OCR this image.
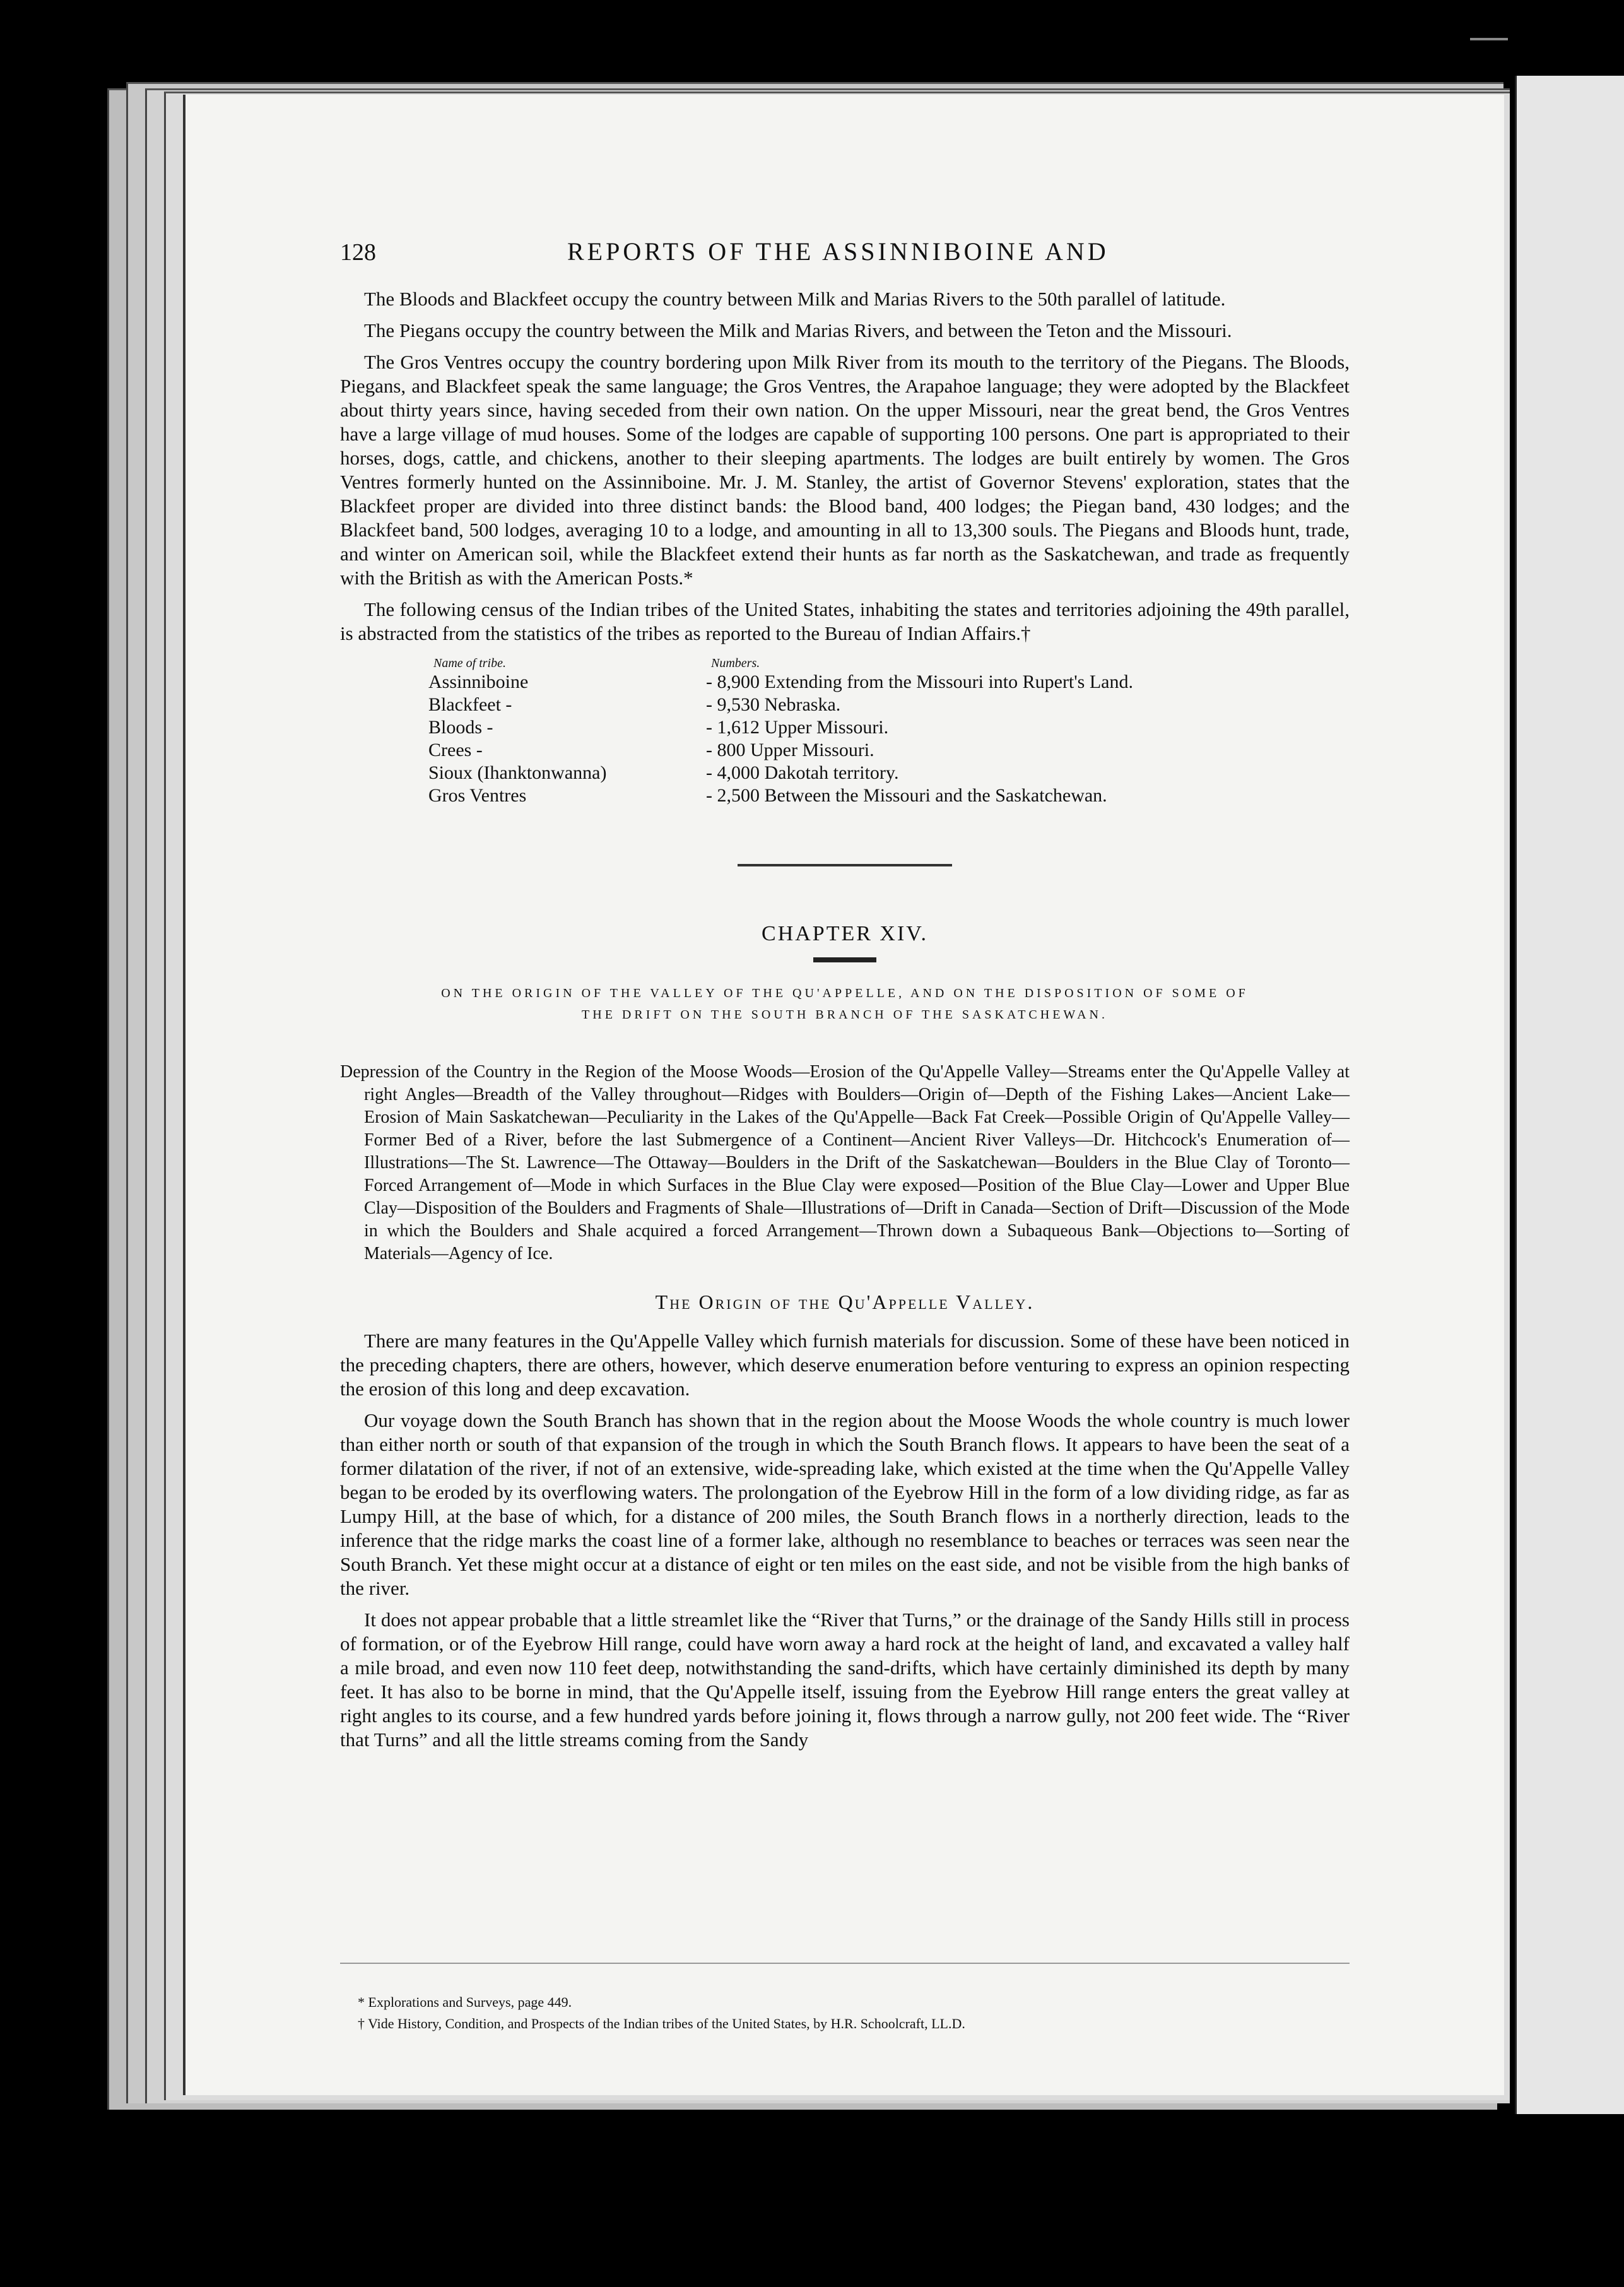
128	REPORTS OF THE ASSINNIBOINE AND

The Bloods and Blackfeet occupy the country between Milk and Marias Rivers to the 50th parallel of latitude.

The Piegans occupy the country between the Milk and Marias Rivers, and between the Teton and the Missouri.

The Gros Ventres occupy the country bordering upon Milk River from its mouth to the territory of the Piegans. The Bloods, Piegans, and Blackfeet speak the same language; the Gros Ventres, the Arapahoe language; they were adopted by the Blackfeet about thirty years since, having seceded from their own nation. On the upper Missouri, near the great bend, the Gros Ventres have a large village of mud houses. Some of the lodges are capable of supporting 100 persons. One part is appropriated to their horses, dogs, cattle, and chickens, another to their sleeping apartments. The lodges are built entirely by women. The Gros Ventres formerly hunted on the Assinniboine. Mr. J. M. Stanley, the artist of Governor Stevens' exploration, states that the Blackfeet proper are divided into three distinct bands: the Blood band, 400 lodges; the Piegan band, 430 lodges; and the Blackfeet band, 500 lodges, averaging 10 to a lodge, and amounting in all to 13,300 souls. The Piegans and Bloods hunt, trade, and winter on American soil, while the Blackfeet extend their hunts as far north as the Saskatchewan, and trade as frequently with the British as with the American Posts.*

The following census of the Indian tribes of the United States, inhabiting the states and territories adjoining the 49th parallel, is abstracted from the statistics of the tribes as reported to the Bureau of Indian Affairs.†

Name of tribe.	Numbers.
Assinniboine	- 8,900 Extending from the Missouri into Rupert's Land.
Blackfeet -	- 9,530 Nebraska.
Bloods -	- 1,612 Upper Missouri.
Crees -	- 800 Upper Missouri.
Sioux (Ihanktonwanna)	- 4,000 Dakotah territory.
Gros Ventres	- 2,500 Between the Missouri and the Saskatchewan.
CHAPTER XIV.
ON THE ORIGIN OF THE VALLEY OF THE QU'APPELLE, AND ON THE DISPOSITION OF SOME OF
THE DRIFT ON THE SOUTH BRANCH OF THE SASKATCHEWAN.
Depression of the Country in the Region of the Moose Woods—Erosion of the Qu'Appelle Valley—Streams enter the Qu'Appelle Valley at right Angles—Breadth of the Valley throughout—Ridges with Boulders—Origin of—Depth of the Fishing Lakes—Ancient Lake—Erosion of Main Saskatchewan—Peculiarity in the Lakes of the Qu'Appelle—Back Fat Creek—Possible Origin of Qu'Appelle Valley—Former Bed of a River, before the last Submergence of a Continent—Ancient River Valleys—Dr. Hitchcock's Enumeration of—Illustrations—The St. Lawrence—The Ottaway—Boulders in the Drift of the Saskatchewan—Boulders in the Blue Clay of Toronto—Forced Arrangement of—Mode in which Surfaces in the Blue Clay were exposed—Position of the Blue Clay—Lower and Upper Blue Clay—Disposition of the Boulders and Fragments of Shale—Illustrations of—Drift in Canada—Section of Drift—Discussion of the Mode in which the Boulders and Shale acquired a forced Arrangement—Thrown down a Subaqueous Bank—Objections to—Sorting of Materials—Agency of Ice.
The Origin of the Qu'Appelle Valley.

There are many features in the Qu'Appelle Valley which furnish materials for discussion. Some of these have been noticed in the preceding chapters, there are others, however, which deserve enumeration before venturing to express an opinion respecting the erosion of this long and deep excavation.

Our voyage down the South Branch has shown that in the region about the Moose Woods the whole country is much lower than either north or south of that expansion of the trough in which the South Branch flows. It appears to have been the seat of a former dilatation of the river, if not of an extensive, wide-spreading lake, which existed at the time when the Qu'Appelle Valley began to be eroded by its overflowing waters. The prolongation of the Eyebrow Hill in the form of a low dividing ridge, as far as Lumpy Hill, at the base of which, for a distance of 200 miles, the South Branch flows in a northerly direction, leads to the inference that the ridge marks the coast line of a former lake, although no resemblance to beaches or terraces was seen near the South Branch. Yet these might occur at a distance of eight or ten miles on the east side, and not be visible from the high banks of the river.

It does not appear probable that a little streamlet like the “River that Turns,” or the drainage of the Sandy Hills still in process of formation, or of the Eyebrow Hill range, could have worn away a hard rock at the height of land, and excavated a valley half a mile broad, and even now 110 feet deep, notwithstanding the sand-drifts, which have certainly diminished its depth by many feet. It has also to be borne in mind, that the Qu'Appelle itself, issuing from the Eyebrow Hill range enters the great valley at right angles to its course, and a few hundred yards before joining it, flows through a narrow gully, not 200 feet wide. The “River that Turns” and all the little streams coming from the Sandy

* Explorations and Surveys, page 449.
† Vide History, Condition, and Prospects of the Indian tribes of the United States, by H.R. Schoolcraft, LL.D.
